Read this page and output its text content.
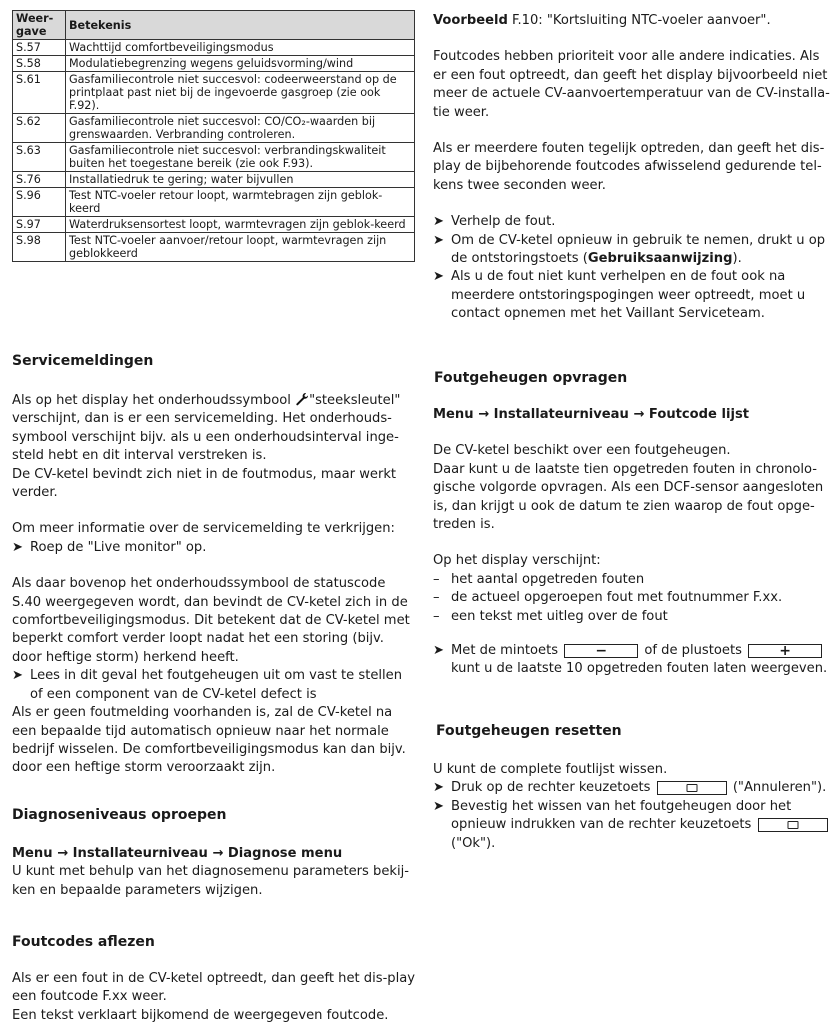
Weer-gave	Betekenis
S.57	Wachttijd comfortbeveiligingsmodus
S.58	Modulatiebegrenzing wegens geluidsvorming/wind
S.61	Gasfamiliecontrole niet succesvol: codeerweerstand op de printplaat past niet bij de ingevoerde gasgroep (zie ook F.92).
S.62	Gasfamiliecontrole niet succesvol: CO/CO₂-waarden bij grenswaarden. Verbranding controleren.
S.63	Gasfamiliecontrole niet succesvol: verbrandingskwaliteit buiten het toegestane bereik (zie ook F.93).
S.76	Installatiedruk te gering; water bijvullen
S.96	Test NTC-voeler retour loopt, warmtebragen zijn geblok-keerd
S.97	Waterdruksensortest loopt, warmtevragen zijn geblok-keerd
S.98	Test NTC-voeler aanvoer/retour loopt, warmtevragen zijn geblokkeerd
Servicemeldingen

Als op het display het onderhoudssymbool "steeksleutel" verschijnt, dan is er een servicemelding. Het onderhouds-symbool verschijnt bijv. als u een onderhoudsinterval inge-steld hebt en dit interval verstreken is.

De CV-ketel bevindt zich niet in de foutmodus, maar werkt verder.

Om meer informatie over de servicemelding te verkrijgen:

➤ Roep de "Live monitor" op.

Als daar bovenop het onderhoudssymbool de statuscode S.40 weergegeven wordt, dan bevindt de CV-ketel zich in de comfortbeveiligingsmodus. Dit betekent dat de CV-ketel met beperkt comfort verder loopt nadat het een storing (bijv. door heftige storm) herkend heeft.

➤ Lees in dit geval het foutgeheugen uit om vast te stellen of een component van de CV-ketel defect is

Als er geen foutmelding voorhanden is, zal de CV-ketel na een bepaalde tijd automatisch opnieuw naar het normale bedrijf wisselen. De comfortbeveiligingsmodus kan dan bijv. door een heftige storm veroorzaakt zijn.

Diagnoseniveaus oproepen

Menu → Installateurniveau → Diagnose menu

U kunt met behulp van het diagnosemenu parameters bekij-ken en bepaalde parameters wijzigen.

Foutcodes aflezen

Als er een fout in de CV-ketel optreedt, dan geeft het dis-play een foutcode F.xx weer.

Een tekst verklaart bijkomend de weergegeven foutcode.

Voorbeeld F.10: "Kortsluiting NTC-voeler aanvoer".

Foutcodes hebben prioriteit voor alle andere indicaties. Als er een fout optreedt, dan geeft het display bijvoorbeeld niet meer de actuele CV-aanvoertemperatuur van de CV-installa-tie weer.

Als er meerdere fouten tegelijk optreden, dan geeft het dis-play de bijbehorende foutcodes afwisselend gedurende tel-kens twee seconden weer.

➤ Verhelp de fout.
➤ Om de CV-ketel opnieuw in gebruik te nemen, drukt u op de ontstoringstoets (Gebruiksaanwijzing).
➤ Als u de fout niet kunt verhelpen en de fout ook na meerdere ontstoringspogingen weer optreedt, moet u contact opnemen met het Vaillant Serviceteam.
Foutgeheugen opvragen

Menu → Installateurniveau → Foutcode lijst

De CV-ketel beschikt over een foutgeheugen.

Daar kunt u de laatste tien opgetreden fouten in chronolo-gische volgorde opvragen. Als een DCF-sensor aangesloten is, dan krijgt u ook de datum te zien waarop de fout opge-treden is.

Op het display verschijnt:

– het aantal opgetreden fouten
– de actueel opgeroepen fout met foutnummer F.xx.
– een tekst met uitleg over de fout
➤ Met de mintoets	−	of de plustoets	+
kunt u de laatste 10 opgetreden fouten laten weergeven.
Foutgeheugen resetten

U kunt de complete foutlijst wissen.

➤ Druk op de rechter keuzetoets	("Annuleren").
➤ Bevestig het wissen van het foutgeheugen door het opnieuw indrukken van de rechter keuzetoets
("Ok").
